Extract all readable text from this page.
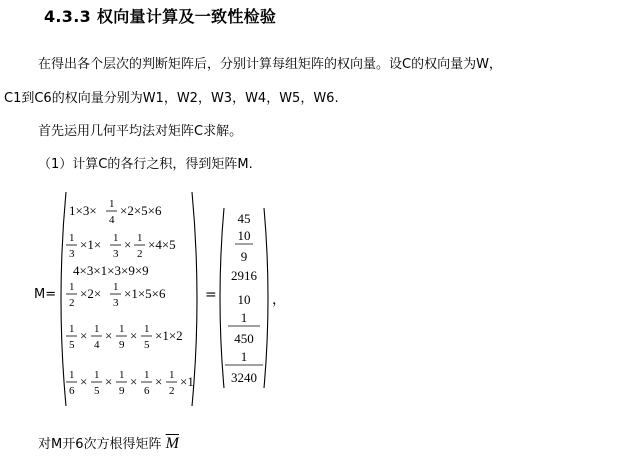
4.3.3 权向量计算及一致性检验
在得出各个层次的判断矩阵后，分别计算每组矩阵的权向量。设C的权向量为W，
C1到C6的权向量分别为W1，W2，W3，W4，W5，W6.
首先运用几何平均法对矩阵C求解。
（1）计算C的各行之积，得到矩阵M.
M=
1×3× 1
4
×2×5×6
1
3
×1× 1
3
× 1
2
×4×5
4×3×1×3×9×9
1
2
×2× 1
3
×1×5×6
1
5
× 1
4
× 1
9
× 1
5
×1×2
1
6
× 1
5
× 1
9
× 1
6
× 1
2
×1
=
45
10
9
2916
10
1
450
1
3240
，
对M开6次方根得矩阵 $\overline{M}$
